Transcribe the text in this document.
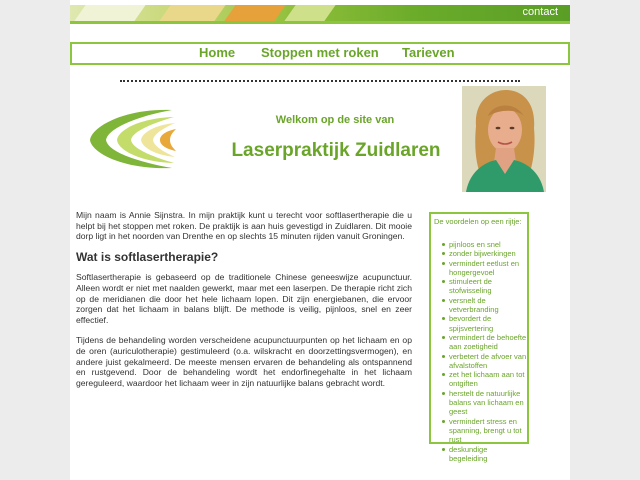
contact
Home Stoppen met roken Tarieven
Welkom op de site van
Laserpraktijk Zuidlaren

Mijn naam is Annie Sijnstra. In mijn praktijk kunt u terecht voor softlasertherapie die u helpt bij het stoppen met roken. De praktijk is aan huis gevestigd in Zuidlaren. Dit mooie dorp ligt in het noorden van Drenthe en op slechts 15 minuten rijden vanuit Groningen.

Wat is softlasertherapie?

Softlasertherapie is gebaseerd op de traditionele Chinese geneeswijze acupunctuur. Alleen wordt er niet met naalden gewerkt, maar met een laserpen. De therapie richt zich op de meridianen die door het hele lichaam lopen. Dit zijn energiebanen, die ervoor zorgen dat het lichaam in balans blijft. De methode is veilig, pijnloos, snel en zeer effectief.

Tijdens de behandeling worden verscheidene acupunctuurpunten op het lichaam en op de oren (auriculotherapie) gestimuleerd (o.a. wilskracht en doorzettingsvermogen), en andere juist gekalmeerd. De meeste mensen ervaren de behandeling als ontspannend en rustgevend. Door de behandeling wordt het endorfinegehalte in het lichaam gereguleerd, waardoor het lichaam weer in zijn natuurlijke balans gebracht wordt.

De voordelen op een rijtje:
pijnloos en snel
zonder bijwerkingen
vermindert eetlust en hongergevoel
stimuleert de stofwisseling
versnelt de vetverbranding
bevordert de spijsvertering
vermindert de behoefte aan zoetigheid
verbetert de afvoer van afvalstoffen
zet het lichaam aan tot ontgiften
herstelt de natuurlijke balans van lichaam en geest
vermindert stress en spanning, brengt u tot rust
deskundige begeleiding
